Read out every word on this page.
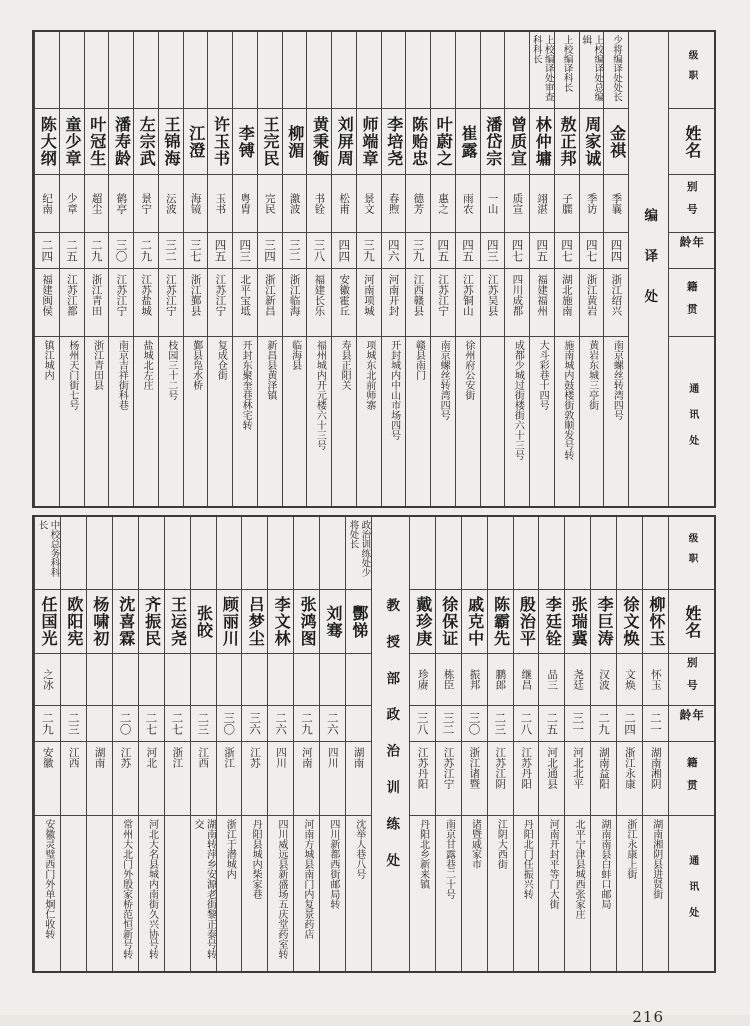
级职
姓名
别号
年龄
籍贯
通讯处
编译处
少将编译处处长
金祺
季襄
四四
浙江绍兴
南京螺丝转湾四号
上校编译处总编辑
周家诚
季访
四七
浙江黄岩
黄岩东城三亭街
上校编译科长
敖正邦
子臑
四七
湖北施南
施南城内鼓楼街敦顺发号转
上校编译处审查科科长
林仲墉
翊湛
四五
福建福州
大斗彩巷十四号
曾质宣
质宣
四七
四川成都
成都少城过街楼街六十三号
潘岱宗
一山
四三
江苏吴县
崔露
雨农
四五
江苏铜山
徐州府公安街
叶蔚之
惠之
四五
江苏江宁
南京螺丝转湾四号
陈贻忠
德芳
三九
江西赣县
赣县南门
李培尧
春煦
四六
河南开封
开封城内中山市场四号
师端章
景文
三九
河南项城
项城东北前师寨
刘屏周
松甫
四四
安徽霍丘
寿县正阳关
黄秉衡
书铨
三八
福建长乐
福州城内开元楼六十三号
柳湄
激波
三二
浙江临海
临海县
王完民
完民
三四
浙江新昌
新昌县黄泽镇
李镈
粤胄
四三
北平宝坻
开封东聚奎巷林宅转
许玉书
玉书
四五
江苏江宁
复成仓街
江澄
海镜
三七
浙江鄞县
鄞县凫水桥
王锦海
沄波
三二
江苏江宁
枝园三十二号
左宗武
景宁
二九
江苏盐城
盐城北左庄
潘寿龄
鹤亭
三〇
江苏江宁
南京吉祥街科巷
叶冠生
超尘
二九
浙江青田
浙江青田县
童少章
少章
二五
江苏江都
杨州天门街七号
陈大纲
纪南
二四
福建闽侯
镇江城内
级职
姓名
别号
年龄
籍贯
通讯处
教授部政治训练处	柳怀玉
怀玉
二一
湖南湘阴
湖南湘阴县进贤街
徐文焕
文焕
二四
浙江永康
浙江永康上街
李巨涛
汉波
二九
湖南益阳
湖南南县白蚌口邮局
张瑞冀
尧廷
三一
河北北平
北平宁津县城西张家庄
李廷铨
品三
二五
河北通县
河南开封平等门大街
殷治平
继昌
二八
江苏丹阳
丹阳北门任振兴转
陈霸先
鹏郎
二三
江苏江阴
江阴大西街
戚克中
振邦
三〇
浙江诸暨
诸暨戚家市
徐保证
栋臣
三二
江苏江宁
南京甘露巷二十号
戴珍庚
珍赓
三八
江苏丹阳
丹阳北乡新来镇
政治训练处少将处长
酆悌
湖南
沈举人巷八号
刘骞
二六
四川
四川新都西街邮局转
张鸿图
二九
河南
河南方城县南门内复景药店
李文林
二六
四川
四川威远县新盛场五庆堂药室转
吕梦尘
三六
江苏
丹阳县城内柴家巷
顾丽川
三〇
浙江
浙江于潜城内
张皎
二三
江西
湖南转萍乡安源老街黎正泰号转交
王运尧
二七
浙江
齐振民
二七
河北
河北大名县城内南街久兴协号转
沈喜霖
二〇
江苏
常州大北门外殷家桥范恒新号转
杨啸初
湖南
欧阳宪
二三
江西
中校总务科科长
任国光
之冰
二九
安徽
安徽灵璧西门外单炯仁收转
216
